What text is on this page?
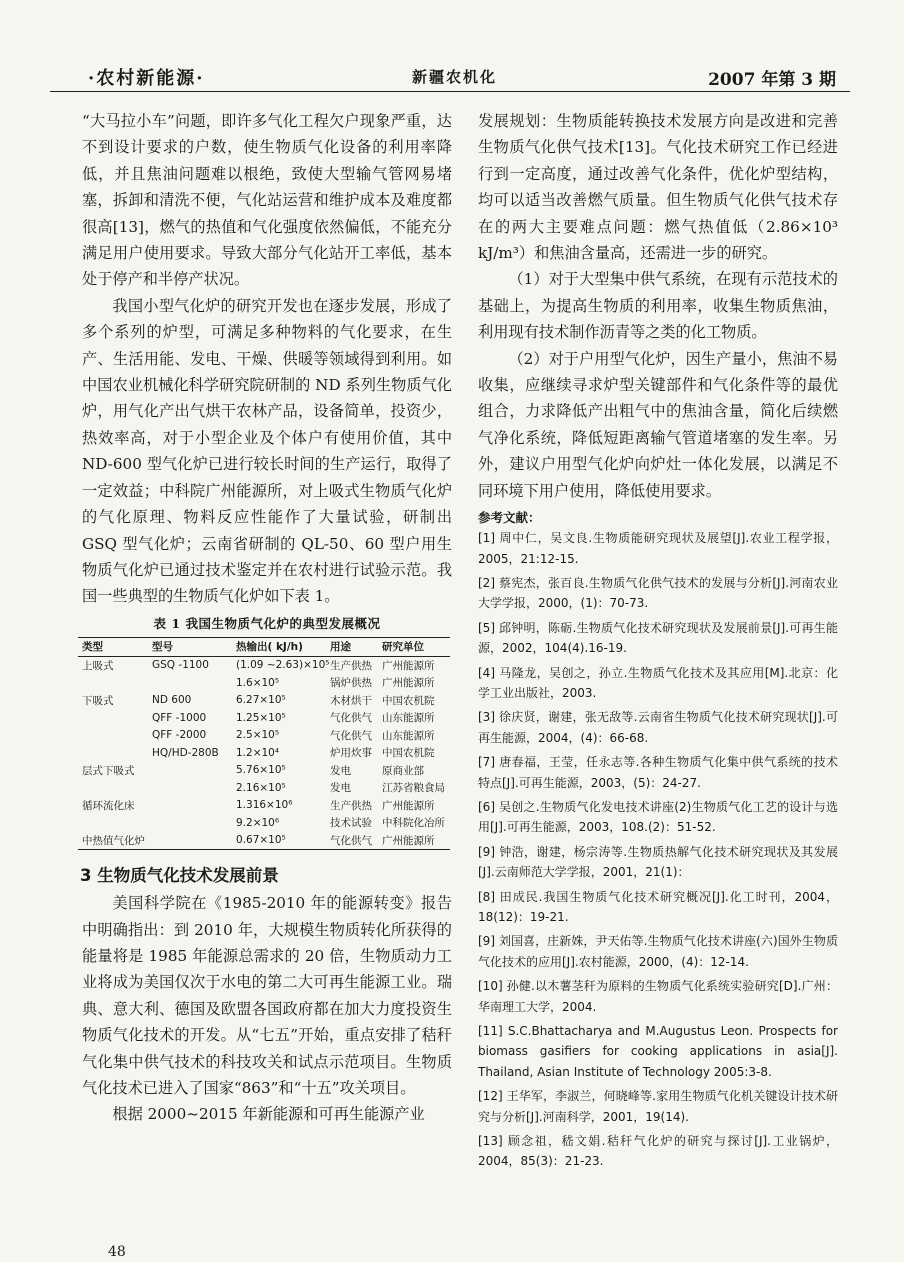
·农村新能源·	新疆农机化	2007 年第 3 期

“大马拉小车”问题，即许多气化工程欠户现象严重，达不到设计要求的户数，使生物质气化设备的利用率降低，并且焦油问题难以根绝，致使大型输气管网易堵塞，拆卸和清洗不便，气化站运营和维护成本及难度都很高[13]，燃气的热值和气化强度依然偏低，不能充分满足用户使用要求。导致大部分气化站开工率低，基本处于停产和半停产状况。

我国小型气化炉的研究开发也在逐步发展，形成了多个系列的炉型，可满足多种物料的气化要求，在生产、生活用能、发电、干燥、供暖等领域得到利用。如中国农业机械化科学研究院研制的 ND 系列生物质气化炉，用气化产出气烘干农林产品，设备简单，投资少，热效率高，对于小型企业及个体户有使用价值，其中 ND-600 型气化炉已进行较长时间的生产运行，取得了一定效益；中科院广州能源所，对上吸式生物质气化炉的气化原理、物料反应性能作了大量试验，研制出 GSQ 型气化炉；云南省研制的 QL-50、60 型户用生物质气化炉已通过技术鉴定并在农村进行试验示范。我国一些典型的生物质气化炉如下表 1。

表 1 我国生物质气化炉的典型发展概况
类型	型号	热输出( kJ/h)	用途	研究单位
上吸式	GSQ -1100	(1.09 ~2.63)×10⁵	生产供热	广州能源所
		1.6×10⁵	锅炉供热	广州能源所
下吸式	ND 600	6.27×10⁵	木材烘干	中国农机院
	QFF -1000	1.25×10⁵	气化供气	山东能源所
	QFF -2000	2.5×10⁵	气化供气	山东能源所
	HQ/HD-280B	1.2×10⁴	炉用炊事	中国农机院
层式下吸式		5.76×10⁵	发电	原商业部
		2.16×10⁵	发电	江苏省粮食局
循环流化床		1.316×10⁶	生产供热	广州能源所
		9.2×10⁶	技术试验	中科院化冶所
中热值气化炉		0.67×10⁵	气化供气	广州能源所
3 生物质气化技术发展前景

美国科学院在《1985-2010 年的能源转变》报告中明确指出：到 2010 年，大规模生物质转化所获得的能量将是 1985 年能源总需求的 20 倍，生物质动力工业将成为美国仅次于水电的第二大可再生能源工业。瑞典、意大利、德国及欧盟各国政府都在加大力度投资生物质气化技术的开发。从“七五”开始，重点安排了秸秆气化集中供气技术的科技攻关和试点示范项目。生物质气化技术已进入了国家“863”和“十五”攻关项目。

根据 2000~2015 年新能源和可再生能源产业

发展规划：生物质能转换技术发展方向是改进和完善生物质气化供气技术[13]。气化技术研究工作已经进行到一定高度，通过改善气化条件，优化炉型结构，均可以适当改善燃气质量。但生物质气化供气技术存在的两大主要难点问题：燃气热值低（2.86×10³ kJ/m³）和焦油含量高，还需进一步的研究。

（1）对于大型集中供气系统，在现有示范技术的基础上，为提高生物质的利用率，收集生物质焦油，利用现有技术制作沥青等之类的化工物质。

（2）对于户用型气化炉，因生产量小，焦油不易收集，应继续寻求炉型关键部件和气化条件等的最优组合，力求降低产出粗气中的焦油含量，简化后续燃气净化系统，降低短距离输气管道堵塞的发生率。另外，建议户用型气化炉向炉灶一体化发展，以满足不同环境下用户使用，降低使用要求。

参考文献：

[1] 周中仁，吴文良.生物质能研究现状及展望[J].农业工程学报，2005，21:12-15.

[2] 蔡宪杰，张百良.生物质气化供气技术的发展与分析[J].河南农业大学学报，2000，(1)：70-73.

[5] 邱钟明，陈砺.生物质气化技术研究现状及发展前景[J].可再生能源，2002，104(4).16-19.

[4] 马隆龙，吴创之，孙立.生物质气化技术及其应用[M].北京：化学工业出版社，2003.

[3] 徐庆贤，谢建，张无敌等.云南省生物质气化技术研究现状[J].可再生能源，2004，(4)：66-68.

[7] 唐春福，王莹，任永志等.各种生物质气化集中供气系统的技术特点[J].可再生能源，2003，(5)：24-27.

[6] 吴创之.生物质气化发电技术讲座(2)生物质气化工艺的设计与选用[J].可再生能源，2003，108.(2)：51-52.

[9] 钟浩，谢建，杨宗涛等.生物质热解气化技术研究现状及其发展[J].云南师范大学学报，2001，21(1)：

[8] 田成民.我国生物质气化技术研究概况[J].化工时刊，2004，18(12)：19-21.

[9] 刘国喜，庄新姝，尹天佑等.生物质气化技术讲座(六)国外生物质气化技术的应用[J].农村能源，2000，(4)：12-14.

[10] 孙健.以木薯茎秆为原料的生物质气化系统实验研究[D].广州：华南理工大学，2004.

[11] S.C.Bhattacharya and M.Augustus Leon. Prospects for biomass gasifiers for cooking applications in asia[J]. Thailand, Asian Institute of Technology 2005:3-8.

[12] 王华军，李淑兰，何晓峰等.家用生物质气化机关键设计技术研究与分析[J].河南科学，2001，19(14).

[13] 顾念祖，嵇文娟.秸秆气化炉的研究与探讨[J].工业锅炉，2004，85(3)：21-23.

48
